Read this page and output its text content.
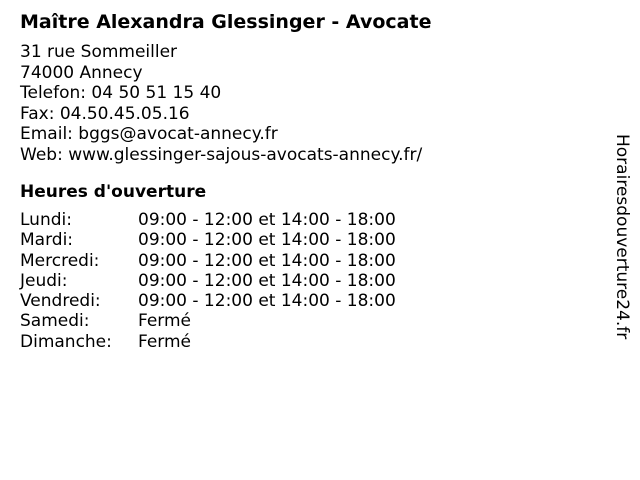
Maître Alexandra Glessinger - Avocate
31 rue Sommeiller
74000 Annecy
Telefon: 04 50 51 15 40
Fax: 04.50.45.05.16
Email: bggs@avocat-annecy.fr
Web: www.glessinger-sajous-avocats-annecy.fr/
Heures d'ouverture
Lundi:	09:00 - 12:00 et 14:00 - 18:00
Mardi:	09:00 - 12:00 et 14:00 - 18:00
Mercredi:	09:00 - 12:00 et 14:00 - 18:00
Jeudi:	09:00 - 12:00 et 14:00 - 18:00
Vendredi:	09:00 - 12:00 et 14:00 - 18:00
Samedi:	Fermé
Dimanche:	Fermé
Horairesdouverture24.fr
